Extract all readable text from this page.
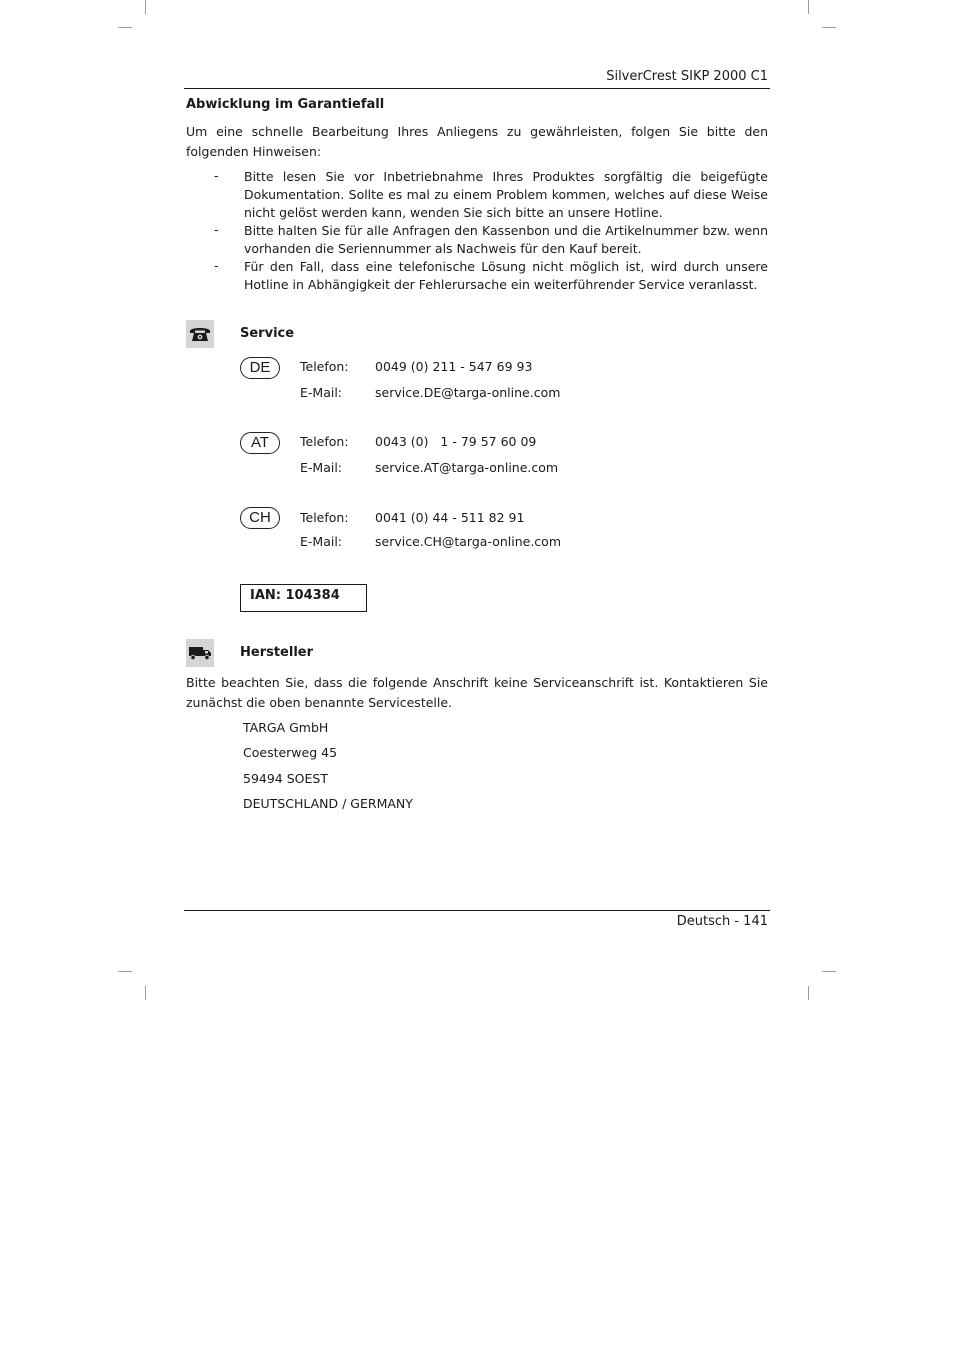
SilverCrest SIKP 2000 C1
Abwicklung im Garantiefall
Um eine schnelle Bearbeitung Ihres Anliegens zu gewährleisten, folgen Sie bitte den folgenden Hinweisen:
- Bitte lesen Sie vor Inbetriebnahme Ihres Produktes sorgfältig die beigefügte Dokumentation. Sollte es mal zu einem Problem kommen, welches auf diese Weise nicht gelöst werden kann, wenden Sie sich bitte an unsere Hotline.
- Bitte halten Sie für alle Anfragen den Kassenbon und die Artikelnummer bzw. wenn vorhanden die Seriennummer als Nachweis für den Kauf bereit.
- Für den Fall, dass eine telefonische Lösung nicht möglich ist, wird durch unsere Hotline in Abhängigkeit der Fehlerursache ein weiterführender Service veranlasst.
Service
DE	Telefon: 0049 (0) 211 - 547 69 93
E-Mail:	service.DE@targa-online.com
AT	Telefon: 0043 (0)   1 - 79 57 60 09
E-Mail:	service.AT@targa-online.com
CH	Telefon: 0041 (0) 44 - 511 82 91
E-Mail:	service.CH@targa-online.com
IAN: 104384
Hersteller
Bitte beachten Sie, dass die folgende Anschrift keine Serviceanschrift ist. Kontaktieren Sie zunächst die oben benannte Servicestelle.
TARGA GmbH
Coesterweg 45
59494 SOEST
DEUTSCHLAND / GERMANY
Deutsch - 141
